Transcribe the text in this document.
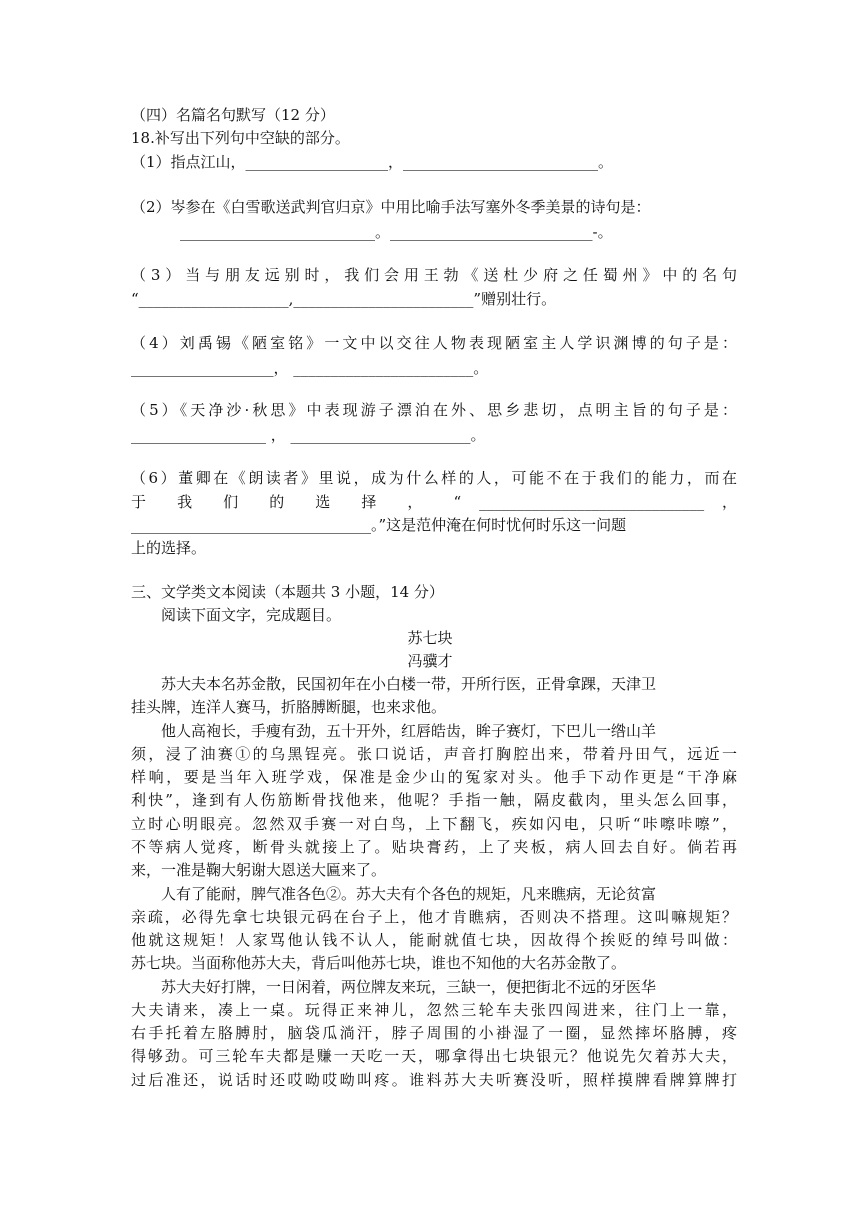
（四）名篇名句默写（12 分）
18.补写出下列句中空缺的部分。
（1）指点江山，___________________，__________________________。
（2）岑参在《白雪歌送武判官归京》中用比喻手法写塞外冬季美景的诗句是：
__________________________。___________________________-。
（3）当与朋友远别时，我们会用王勃《送杜少府之任蜀州》中的名句
“____________________,________________________”赠别壮行。
（4）刘禹锡《陋室铭》一文中以交往人物表现陋室主人学识渊博的句子是：
___________________， ________________________。
（5）《天净沙·秋思》中表现游子漂泊在外、思乡悲切，点明主旨的句子是：
__________________ ， ________________________。
（6）董卿在《朗读者》里说，成为什么样的人，可能不在于我们的能力，而在
于 我 们 的 选 择 ， “ ______________________________ ，
________________________________。”这是范仲淹在何时忧何时乐这一问题
上的选择。
三、文学类文本阅读（本题共 3 小题，14 分）
阅读下面文字，完成题目。
苏七块
冯骥才
苏大夫本名苏金散，民国初年在小白楼一带，开所行医，正骨拿踝，天津卫
挂头牌，连洋人赛马，折胳膊断腿，也来求他。
他人高袍长，手瘦有劲，五十开外，红唇皓齿，眸子赛灯，下巴儿一绺山羊
须，浸了油赛①的乌黑锃亮。张口说话，声音打胸腔出来，带着丹田气，远近一
样响，要是当年入班学戏，保准是金少山的冤家对头。他手下动作更是“干净麻
利快”，逢到有人伤筋断骨找他来，他呢？手指一触，隔皮截肉，里头怎么回事，
立时心明眼亮。忽然双手赛一对白鸟，上下翻飞，疾如闪电，只听“咔嚓咔嚓”，
不等病人觉疼，断骨头就接上了。贴块膏药，上了夹板，病人回去自好。倘若再
来，一准是鞠大躬谢大恩送大匾来了。
人有了能耐，脾气准各色②。苏大夫有个各色的规矩，凡来瞧病，无论贫富
亲疏，必得先拿七块银元码在台子上，他才肯瞧病，否则决不搭理。这叫嘛规矩？
他就这规矩！人家骂他认钱不认人，能耐就值七块，因故得个挨贬的绰号叫做：
苏七块。当面称他苏大夫，背后叫他苏七块，谁也不知他的大名苏金散了。
苏大夫好打牌，一日闲着，两位牌友来玩，三缺一，便把街北不远的牙医华
大夫请来，凑上一桌。玩得正来神儿，忽然三轮车夫张四闯进来，往门上一靠，
右手托着左胳膊肘，脑袋瓜淌汗，脖子周围的小褂湿了一圈，显然摔坏胳膊，疼
得够劲。可三轮车夫都是赚一天吃一天，哪拿得出七块银元？他说先欠着苏大夫，
过后准还，说话时还哎呦哎呦叫疼。谁料苏大夫听赛没听，照样摸牌看牌算牌打
